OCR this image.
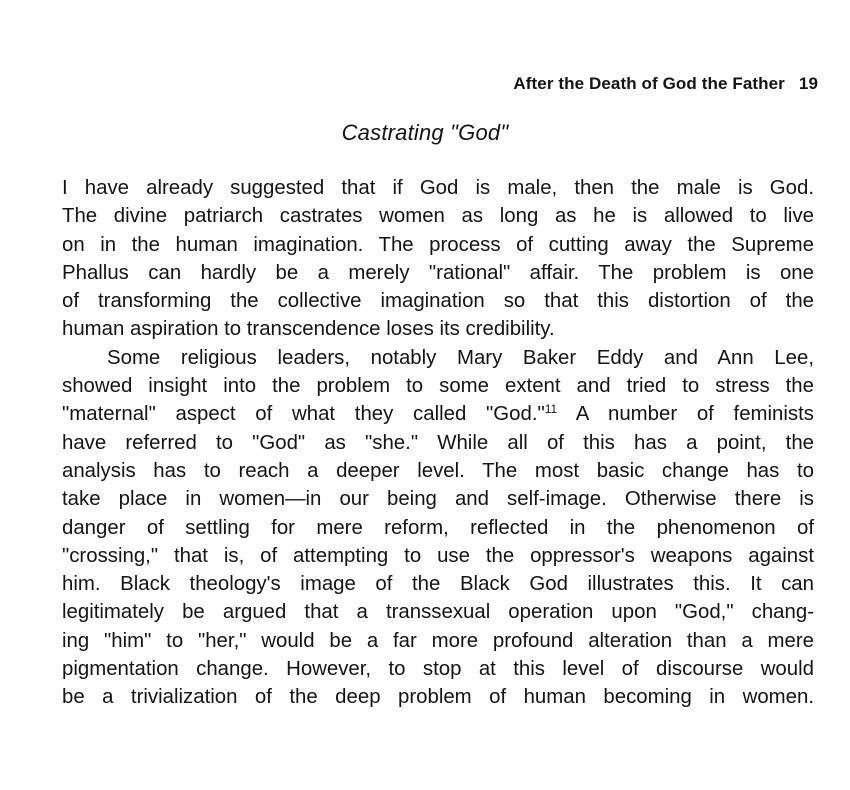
After the Death of God the Father 19
Castrating "God"
I have already suggested that if God is male, then the male is God.
The divine patriarch castrates women as long as he is allowed to live
on in the human imagination. The process of cutting away the Supreme
Phallus can hardly be a merely "rational" affair. The problem is one
of transforming the collective imagination so that this distortion of the
human aspiration to transcendence loses its credibility.
Some religious leaders, notably Mary Baker Eddy and Ann Lee,
showed insight into the problem to some extent and tried to stress the
"maternal" aspect of what they called "God."$^{11}$ A number of feminists
have referred to "God" as "she." While all of this has a point, the
analysis has to reach a deeper level. The most basic change has to
take place in women—in our being and self-image. Otherwise there is
danger of settling for mere reform, reflected in the phenomenon of
"crossing," that is, of attempting to use the oppressor's weapons against
him. Black theology's image of the Black God illustrates this. It can
legitimately be argued that a transsexual operation upon "God," chang-
ing "him" to "her," would be a far more profound alteration than a mere
pigmentation change. However, to stop at this level of discourse would
be a trivialization of the deep problem of human becoming in women.
